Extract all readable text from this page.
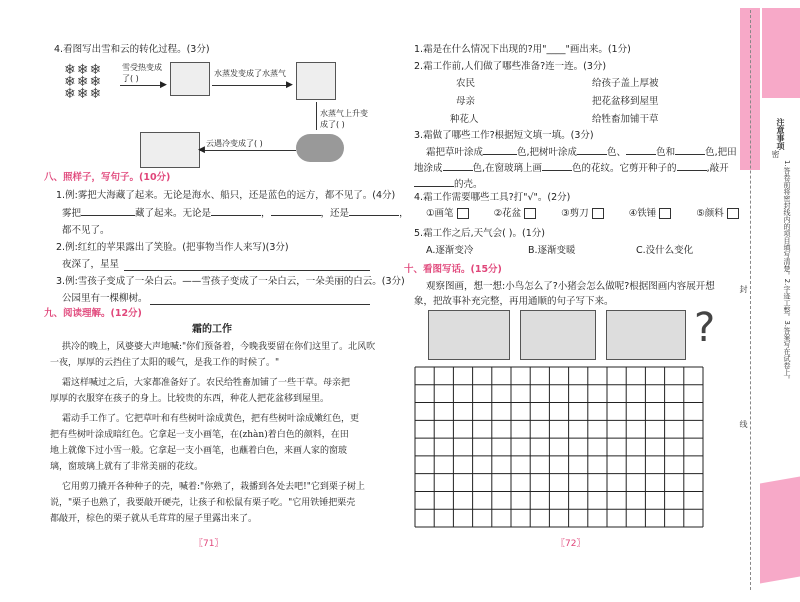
注意事项
1.答卷前将密封线内的项目填写清楚。2.字迹工整。3.答案写在试卷上。
封
线
密
4.看图写出雪和云的转化过程。(3分)
❄❄❄
❄❄❄
❄❄❄
雪受热变成
了( )
▶
水蒸发变成了水蒸气
▶
水蒸气上升变
成了( )
◀
云遇冷变成了( )
八、照样子，写句子。(10分)
1.例:雾把大海藏了起来。无论是海水、船只，还是蓝色的远方，都不见了。(4分)
雾把	藏了起来。无论是	，	，还是	，
都不见了。
2.例:红红的苹果露出了笑脸。(把事物当作人来写)(3分)
夜深了，星星
3.例:雪孩子变成了一朵白云。——雪孩子变成了一朵白云，一朵美丽的白云。(3分)
公园里有一棵柳树。
九、阅读理解。(12分)
霜的工作
拱冷的晚上，风婆婆大声地喊:"你们预备着，今晚我要留在你们这里了。北风吹
一夜，厚厚的云挡住了太阳的暖气，是我工作的时候了。"
霜这样喊过之后，大家都准备好了。农民给牲畜加铺了一些干草。母亲把
厚厚的衣服穿在孩子的身上。比较贵的东西，种花人把花盆移到屋里。
霜动手工作了。它把草叶和有些树叶涂成黄色，把有些树叶涂成嫩红色，更
把有些树叶涂成暗红色。它拿起一支小画笔，在(zhàn)着白色的颜料，在田
地上就像下过小雪一般。它拿起一支小画笔，也蘸着白色，来画人家的窗玻
璃，窗玻璃上就有了非常美丽的花纹。
它用剪刀撬开各种种子的壳，喊着:"你熟了，栽播到各处去吧!"它到栗子树上
说，"栗子也熟了，我要敲开硬壳，让孩子和松鼠有栗子吃。"它用铁锤把栗壳
都敲开，棕色的栗子就从毛茸茸的屋子里露出来了。
〖71〗
1.霜是在什么情况下出现的?用"____"画出来。(1分)
2.霜工作前,人们做了哪些准备?连一连。(3分)
农民
母亲
种花人
给孩子盖上厚被
把花盆移到屋里
给牲畜加铺干草
3.霜做了哪些工作?根据短文填一填。(3分)
霜把草叶涂成	色,把树叶涂成	色、	色和	色,把田
地涂成	色,在窗玻璃上画	色的花纹。它剪开种子的	,敲开
的壳。
4.霜工作需要哪些工具?打"√"。(2分)
①画笔	②花盆	③剪刀	④铁锤	⑤颜料
5.霜工作之后,天气会( )。(1分)
A.逐渐变冷	B.逐渐变暖	C.没什么变化
十、看图写话。(15分)
观察图画，想一想:小鸟怎么了?小猪会怎么做呢?根据图画内容展开想
象，把故事补充完整，再用通顺的句子写下来。
?
〖72〗
